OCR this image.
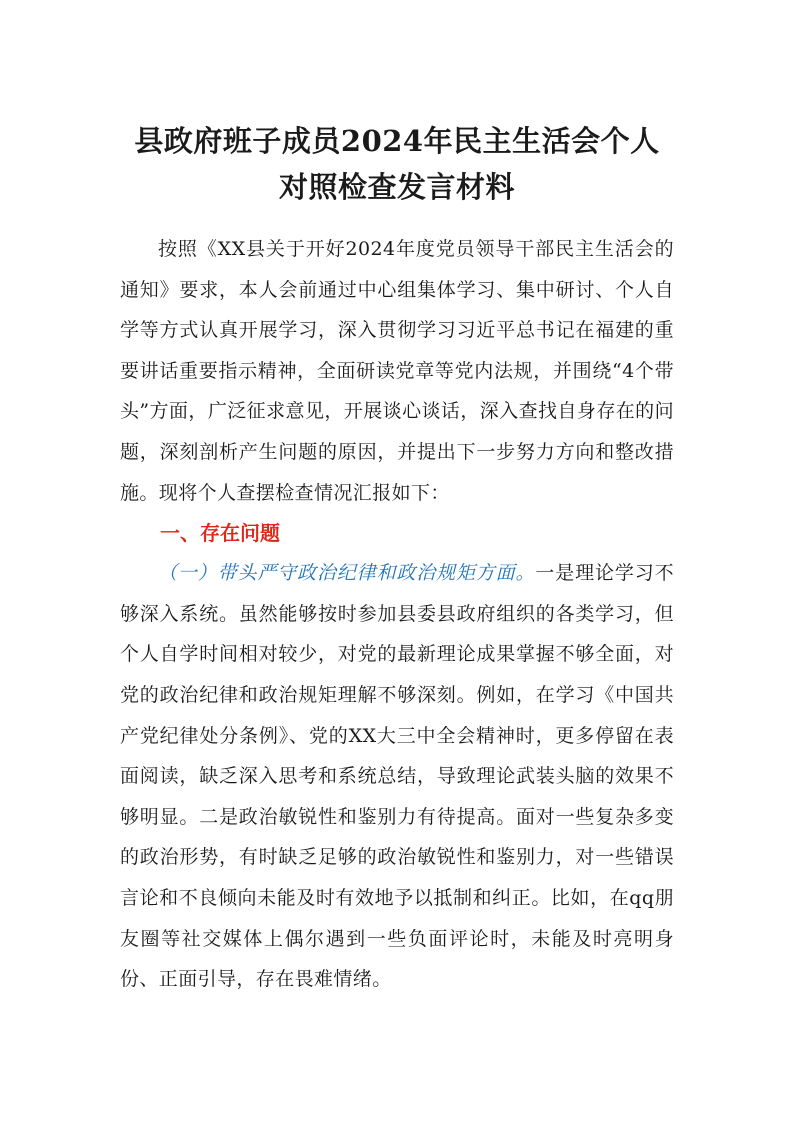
县政府班子成员2024年民主生活会个人对照检查发言材料

按照《XX县关于开好2024年度党员领导干部民主生活会的通知》要求，本人会前通过中心组集体学习、集中研讨、个人自学等方式认真开展学习，深入贯彻学习习近平总书记在福建的重要讲话重要指示精神，全面研读党章等党内法规，并围绕“4个带头”方面，广泛征求意见，开展谈心谈话，深入查找自身存在的问题，深刻剖析产生问题的原因，并提出下一步努力方向和整改措施。现将个人查摆检查情况汇报如下：

一、存在问题

（一）带头严守政治纪律和政治规矩方面。一是理论学习不够深入系统。虽然能够按时参加县委县政府组织的各类学习，但个人自学时间相对较少，对党的最新理论成果掌握不够全面，对党的政治纪律和政治规矩理解不够深刻。例如，在学习《中国共产党纪律处分条例》、党的XX大三中全会精神时，更多停留在表面阅读，缺乏深入思考和系统总结，导致理论武装头脑的效果不够明显。二是政治敏锐性和鉴别力有待提高。面对一些复杂多变的政治形势，有时缺乏足够的政治敏锐性和鉴别力，对一些错误言论和不良倾向未能及时有效地予以抵制和纠正。比如，在qq朋友圈等社交媒体上偶尔遇到一些负面评论时，未能及时亮明身份、正面引导，存在畏难情绪。
